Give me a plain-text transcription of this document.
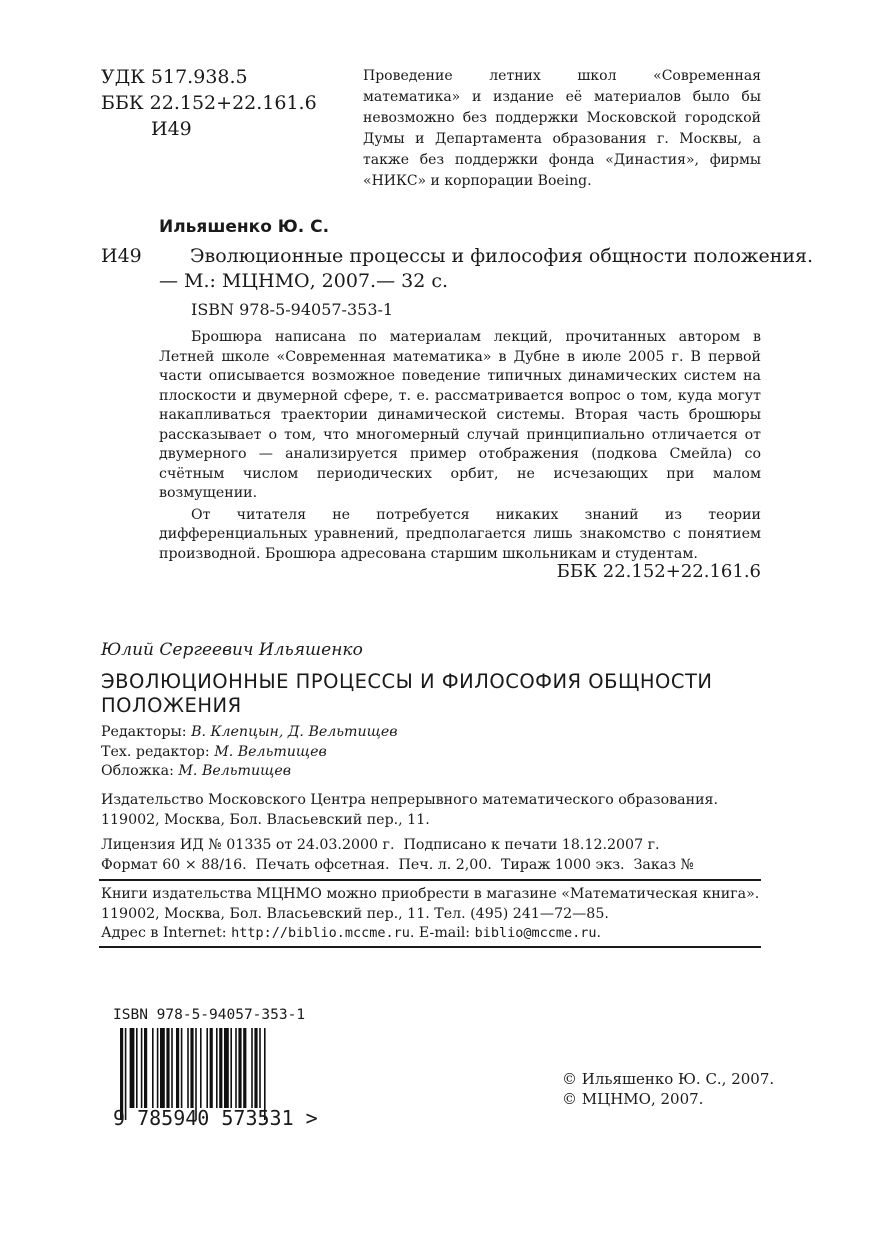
УДК 517.938.5
ББК 22.152+22.161.6
И49
Проведение летних школ «Современная математика» и издание её материалов было бы невозможно без поддержки Московской городской Думы и Департамента образования г. Москвы, а также без поддержки фонда «Династия», фирмы «НИКС» и корпорации Boeing.
Ильяшенко Ю. С.
И49	Эволюционные процессы и философия общности положения.
— М.: МЦНМО, 2007.— 32 с.
ISBN 978-5-94057-353-1

Брошюра написана по материалам лекций, прочитанных автором в Летней школе «Современная математика» в Дубне в июле 2005 г. В первой части описывается возможное поведение типичных динамических систем на плоскости и двумерной сфере, т. е. рассматривается вопрос о том, куда могут накапливаться траектории динамической системы. Вторая часть брошюры рассказывает о том, что многомерный случай принципиально отличается от двумерного — анализируется пример отображения (подкова Смейла) со счётным числом периодических орбит, не исчезающих при малом возмущении.

От читателя не потребуется никаких знаний из теории дифференциальных уравнений, предполагается лишь знакомство с понятием производной. Брошюра адресована старшим школьникам и студентам.

ББК 22.152+22.161.6
Юлий Сергеевич Ильяшенко
ЭВОЛЮЦИОННЫЕ ПРОЦЕССЫ И ФИЛОСОФИЯ ОБЩНОСТИ ПОЛОЖЕНИЯ
Редакторы: В. Клепцын, Д. Вельтищев
Тех. редактор: М. Вельтищев
Обложка: М. Вельтищев
Издательство Московского Центра непрерывного математического образования.
119002, Москва, Бол. Власьевский пер., 11.
Лицензия ИД № 01335 от 24.03.2000 г.  Подписано к печати 18.12.2007 г.
Формат 60 × 88/16.  Печать офсетная.  Печ. л. 2,00.  Тираж 1000 экз.  Заказ №
Книги издательства МЦНМО можно приобрести в магазине «Математическая книга».
119002, Москва, Бол. Власьевский пер., 11. Тел. (495) 241—72—85.
Адрес в Internet: http://biblio.mccme.ru. E-mail: biblio@mccme.ru.
ISBN 978-5-94057-353-1
9 785940 573531 >
© Ильяшенко Ю. С., 2007.
© МЦНМО, 2007.
